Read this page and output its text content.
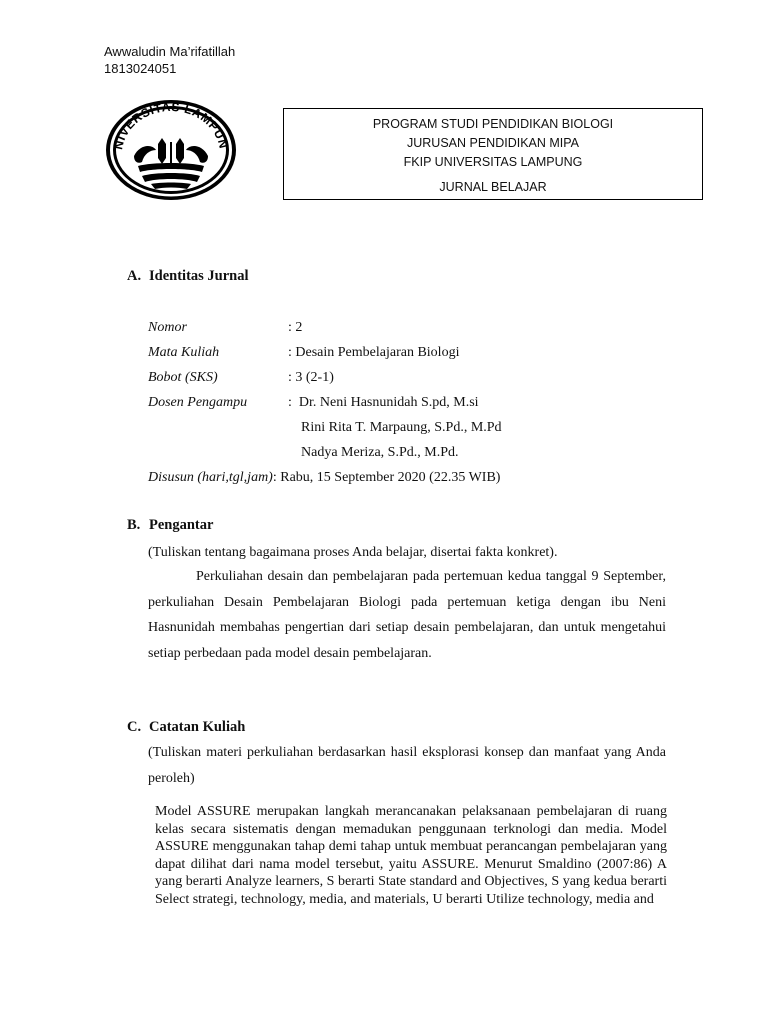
Awwaludin Ma’rifatillah
1813024051
NIVERSITAS LAMPUN
PROGRAM STUDI PENDIDIKAN BIOLOGI
JURUSAN PENDIDIKAN MIPA
FKIP UNIVERSITAS LAMPUNG
JURNAL BELAJAR
A. Identitas Jurnal
Nomor	: 2
Mata Kuliah	: Desain Pembelajaran Biologi
Bobot (SKS)	: 3 (2-1)
Dosen Pengampu	:  Dr. Neni Hasnunidah S.pd, M.si
Rini Rita T. Marpaung, S.Pd., M.Pd
Nadya Meriza, S.Pd., M.Pd.
Disusun (hari,tgl,jam) : Rabu, 15 September 2020 (22.35 WIB)
B. Pengantar
(Tuliskan tentang bagaimana proses Anda belajar, disertai fakta konkret).
Perkuliahan desain dan pembelajaran pada pertemuan kedua tanggal 9 September, perkuliahan Desain Pembelajaran Biologi pada pertemuan ketiga dengan ibu Neni Hasnunidah membahas pengertian dari setiap desain pembelajaran, dan untuk mengetahui setiap perbedaan pada model desain pembelajaran.
C. Catatan Kuliah
(Tuliskan materi perkuliahan berdasarkan hasil eksplorasi konsep dan manfaat yang Anda peroleh)
Model ASSURE merupakan langkah merancanakan pelaksanaan pembelajaran di ruang kelas secara sistematis dengan memadukan penggunaan terknologi dan media. Model ASSURE menggunakan tahap demi tahap untuk membuat perancangan pembelajaran yang dapat dilihat dari nama model tersebut, yaitu ASSURE. Menurut Smaldino (2007:86) A yang berarti Analyze learners, S berarti State standard and Objectives, S yang kedua berarti Select strategi, technology, media, and materials, U berarti Utilize technology, media and
